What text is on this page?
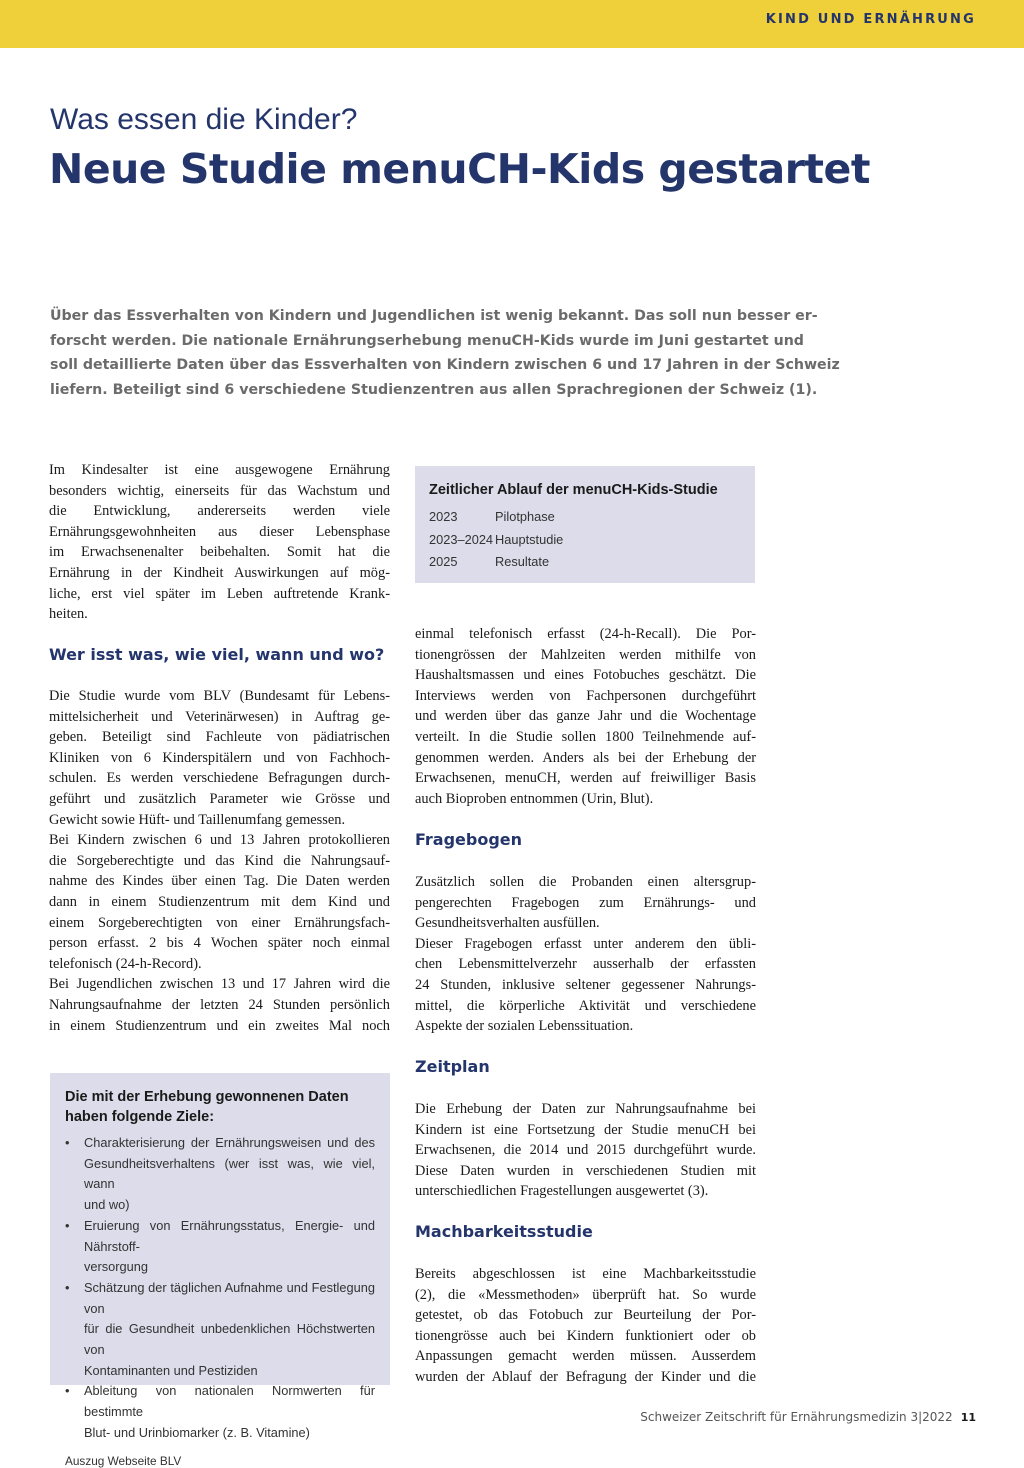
KIND UND ERNÄHRUNG
Was essen die Kinder?
Neue Studie menuCH-Kids gestartet
Über das Essverhalten von Kindern und Jugendlichen ist wenig bekannt. Das soll nun besser er-
forscht werden. Die nationale Ernährungserhebung menuCH-Kids wurde im Juni gestartet und
soll detaillierte Daten über das Essverhalten von Kindern zwischen 6 und 17 Jahren in der Schweiz
liefern. Beteiligt sind 6 verschiedene Studienzentren aus allen Sprachregionen der Schweiz (1).
Im Kindesalter ist eine ausgewogene Ernährung
besonders wichtig, einerseits für das Wachstum und
die Entwicklung, andererseits werden viele
Ernährungsgewohnheiten aus dieser Lebensphase
im Erwachsenenalter beibehalten. Somit hat die
Ernährung in der Kindheit Auswirkungen auf mög-
liche, erst viel später im Leben auftretende Krank-
heiten.
Wer isst was, wie viel, wann und wo?
Die Studie wurde vom BLV (Bundesamt für Lebens-
mittelsicherheit und Veterinärwesen) in Auftrag ge-
geben. Beteiligt sind Fachleute von pädiatrischen
Kliniken von 6 Kinderspitälern und von Fachhoch-
schulen. Es werden verschiedene Befragungen durch-
geführt und zusätzlich Parameter wie Grösse und
Gewicht sowie Hüft- und Taillenumfang gemessen.
Bei Kindern zwischen 6 und 13 Jahren protokollieren
die Sorgeberechtigte und das Kind die Nahrungsauf-
nahme des Kindes über einen Tag. Die Daten werden
dann in einem Studienzentrum mit dem Kind und
einem Sorgeberechtigten von einer Ernährungsfach-
person erfasst. 2 bis 4 Wochen später noch einmal
telefonisch (24-h-Record).
Bei Jugendlichen zwischen 13 und 17 Jahren wird die
Nahrungsaufnahme der letzten 24 Stunden persönlich
in einem Studienzentrum und ein zweites Mal noch
Die mit der Erhebung gewonnenen Daten
haben folgende Ziele:
• Charakterisierung der Ernährungsweisen und des
Gesundheitsverhaltens (wer isst was, wie viel, wann
und wo)
• Eruierung von Ernährungsstatus, Energie- und Nährstoff-
versorgung
• Schätzung der täglichen Aufnahme und Festlegung von
für die Gesundheit unbedenklichen Höchstwerten von
Kontaminanten und Pestiziden
• Ableitung von nationalen Normwerten für bestimmte
Blut- und Urinbiomarker (z. B. Vitamine)
Auszug Webseite BLV
Zeitlicher Ablauf der menuCH-Kids-Studie
2023	Pilotphase
2023–2024 Hauptstudie
2025	Resultate
einmal telefonisch erfasst (24-h-Recall). Die Por-
tionengrössen der Mahlzeiten werden mithilfe von
Haushaltsmassen und eines Fotobuches geschätzt. Die
Interviews werden von Fachpersonen durchgeführt
und werden über das ganze Jahr und die Wochentage
verteilt. In die Studie sollen 1800 Teilnehmende auf-
genommen werden. Anders als bei der Erhebung der
Erwachsenen, menuCH, werden auf freiwilliger Basis
auch Bioproben entnommen (Urin, Blut).
Fragebogen
Zusätzlich sollen die Probanden einen altersgrup-
pengerechten Fragebogen zum Ernährungs- und
Gesundheitsverhalten ausfüllen.
Dieser Fragebogen erfasst unter anderem den übli-
chen Lebensmittelverzehr ausserhalb der erfassten
24 Stunden, inklusive seltener gegessener Nahrungs-
mittel, die körperliche Aktivität und verschiedene
Aspekte der sozialen Lebenssituation.
Zeitplan
Die Erhebung der Daten zur Nahrungsaufnahme bei
Kindern ist eine Fortsetzung der Studie menuCH bei
Erwachsenen, die 2014 und 2015 durchgeführt wurde.
Diese Daten wurden in verschiedenen Studien mit
unterschiedlichen Fragestellungen ausgewertet (3).
Machbarkeitsstudie
Bereits abgeschlossen ist eine Machbarkeitsstudie
(2), die «Messmethoden» überprüft hat. So wurde
getestet, ob das Fotobuch zur Beurteilung der Por-
tionengrösse auch bei Kindern funktioniert oder ob
Anpassungen gemacht werden müssen. Ausserdem
wurden der Ablauf der Befragung der Kinder und die
Schweizer Zeitschrift für Ernährungsmedizin 3|2022 11
